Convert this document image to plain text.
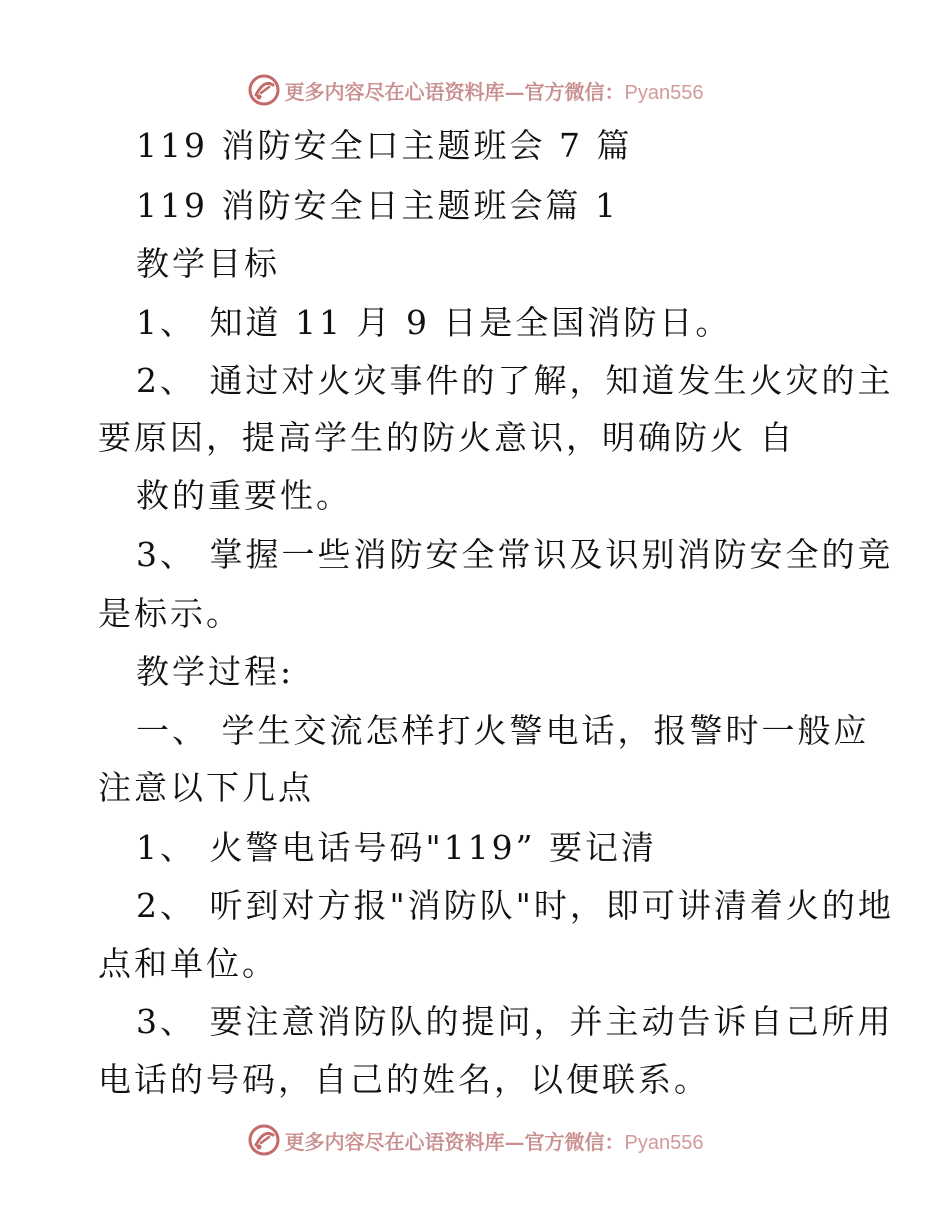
更多内容尽在心语资料库—官方微信：Pyan556
119 消防安全口主题班会 7 篇
119 消防安全日主题班会篇 1
教学目标
1、 知道 11 月 9 日是全国消防日。
2、 通过对火灾事件的了解，知道发生火灾的主
要原因，提高学生的防火意识，明确防火 自
救的重要性。
3、 掌握一些消防安全常识及识别消防安全的竟
是标示。
教学过程:
一、 学生交流怎样打火警电话，报警时一般应
注意以下几点
1、 火警电话号码"119” 要记清
2、 听到对方报"消防队"时，即可讲清着火的地
点和单位。
3、 要注意消防队的提问，并主动告诉自己所用
电话的号码，自己的姓名，以便联系。
更多内容尽在心语资料库—官方微信：Pyan556
